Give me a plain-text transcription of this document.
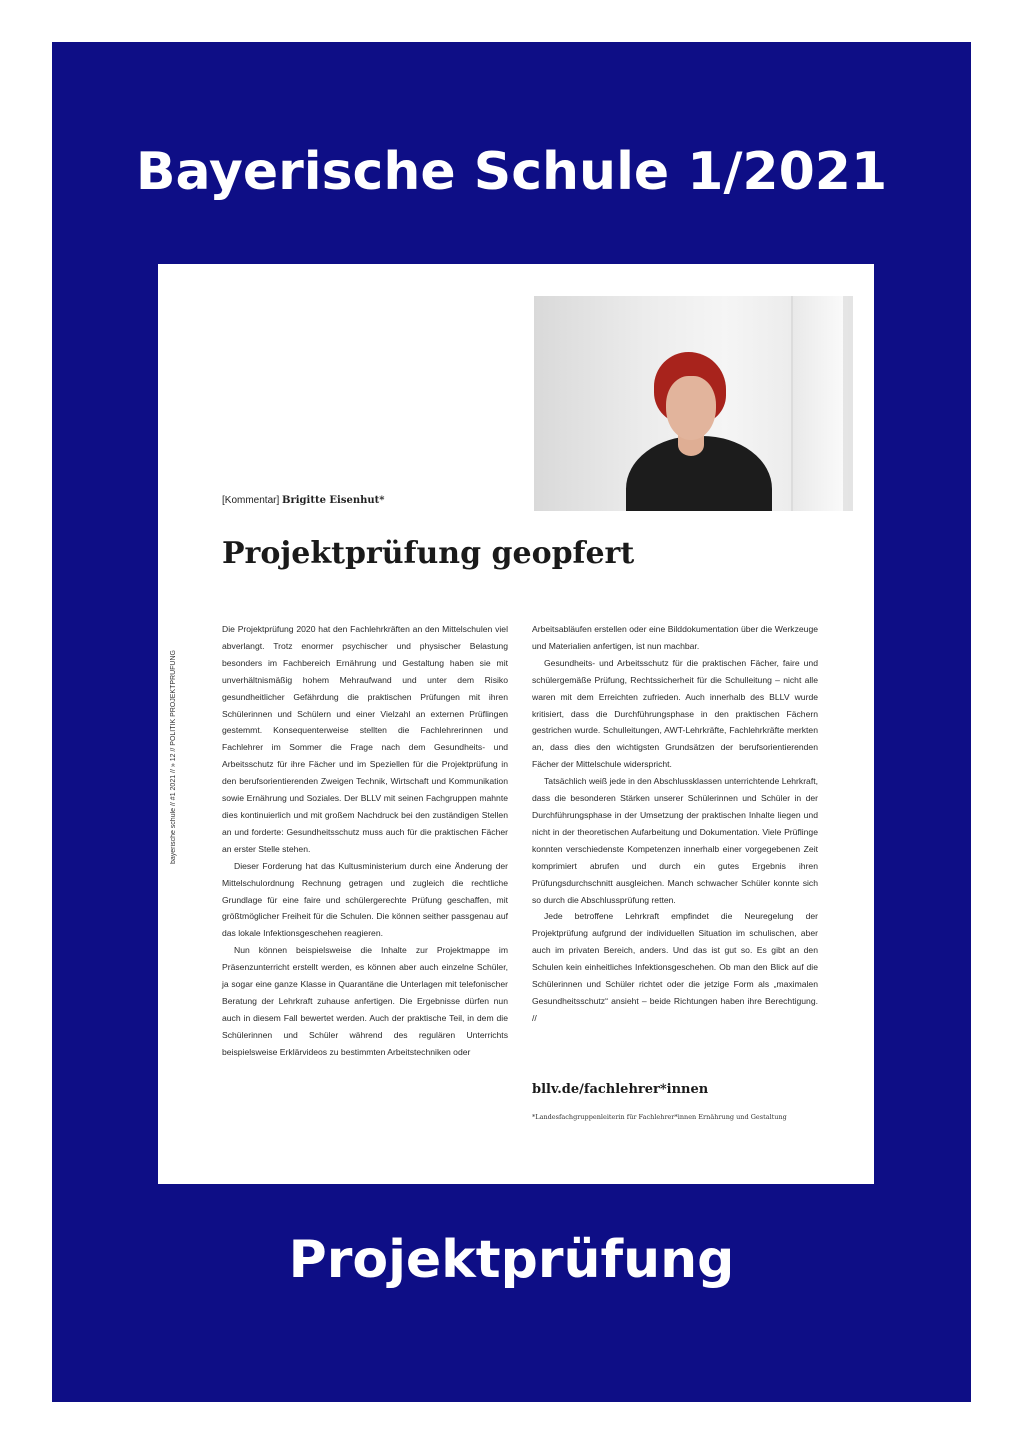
Bayerische Schule 1/2021

[Kommentar] Brigitte Eisenhut*

Projektprüfung geopfert
bayerische schule // #1 2021 // » 12 // POLITIK PROJEKTPRÜFUNG

Die Projektprüfung 2020 hat den Fachlehrkräften an den Mittelschulen viel abverlangt. Trotz enormer psychischer und physischer Belastung besonders im Fachbereich Ernährung und Gestaltung haben sie mit unverhältnismäßig hohem Mehraufwand und unter dem Risiko gesundheitlicher Gefährdung die praktischen Prüfungen mit ihren Schülerinnen und Schülern und einer Vielzahl an externen Prüflingen gestemmt. Konsequenterweise stellten die Fachlehrerinnen und Fachlehrer im Sommer die Frage nach dem Gesundheits- und Arbeitsschutz für ihre Fächer und im Speziellen für die Projektprüfung in den berufsorientierenden Zweigen Technik, Wirtschaft und Kommunikation sowie Ernährung und Soziales. Der BLLV mit seinen Fachgruppen mahnte dies kontinuierlich und mit großem Nachdruck bei den zuständigen Stellen an und forderte: Gesundheitsschutz muss auch für die praktischen Fächer an erster Stelle stehen.

Dieser Forderung hat das Kultusministerium durch eine Änderung der Mittelschulordnung Rechnung getragen und zugleich die rechtliche Grundlage für eine faire und schülergerechte Prüfung geschaffen, mit größtmöglicher Freiheit für die Schulen. Die können seither passgenau auf das lokale Infektionsgeschehen reagieren.

Nun können beispielsweise die Inhalte zur Projektmappe im Präsenzunterricht erstellt werden, es können aber auch einzelne Schüler, ja sogar eine ganze Klasse in Quarantäne die Unterlagen mit telefonischer Beratung der Lehrkraft zuhause anfertigen. Die Ergebnisse dürfen nun auch in diesem Fall bewertet werden. Auch der praktische Teil, in dem die Schülerinnen und Schüler während des regulären Unterrichts beispielsweise Erklärvideos zu bestimmten Arbeitstechniken oder

Arbeitsabläufen erstellen oder eine Bilddokumentation über die Werkzeuge und Materialien anfertigen, ist nun machbar.

Gesundheits- und Arbeitsschutz für die praktischen Fächer, faire und schülergemäße Prüfung, Rechtssicherheit für die Schulleitung – nicht alle waren mit dem Erreichten zufrieden. Auch innerhalb des BLLV wurde kritisiert, dass die Durchführungsphase in den praktischen Fächern gestrichen wurde. Schulleitungen, AWT-Lehrkräfte, Fachlehrkräfte merkten an, dass dies den wichtigsten Grundsätzen der berufsorientierenden Fächer der Mittelschule widerspricht.

Tatsächlich weiß jede in den Abschlussklassen unterrichtende Lehrkraft, dass die besonderen Stärken unserer Schülerinnen und Schüler in der Durchführungsphase in der Umsetzung der praktischen Inhalte liegen und nicht in der theoretischen Aufarbeitung und Dokumentation. Viele Prüflinge konnten verschiedenste Kompetenzen innerhalb einer vorgegebenen Zeit komprimiert abrufen und durch ein gutes Ergebnis ihren Prüfungsdurchschnitt ausgleichen. Manch schwacher Schüler konnte sich so durch die Abschlussprüfung retten.

Jede betroffene Lehrkraft empfindet die Neuregelung der Projektprüfung aufgrund der individuellen Situation im schulischen, aber auch im privaten Bereich, anders. Und das ist gut so. Es gibt an den Schulen kein einheitliches Infektionsgeschehen. Ob man den Blick auf die Schülerinnen und Schüler richtet oder die jetzige Form als „maximalen Gesundheitsschutz“ ansieht – beide Richtungen haben ihre Berechtigung. //

bllv.de/fachlehrer*innen

*Landesfachgruppenleiterin für Fachlehrer*innen Ernährung und Gestaltung

Projektprüfung
